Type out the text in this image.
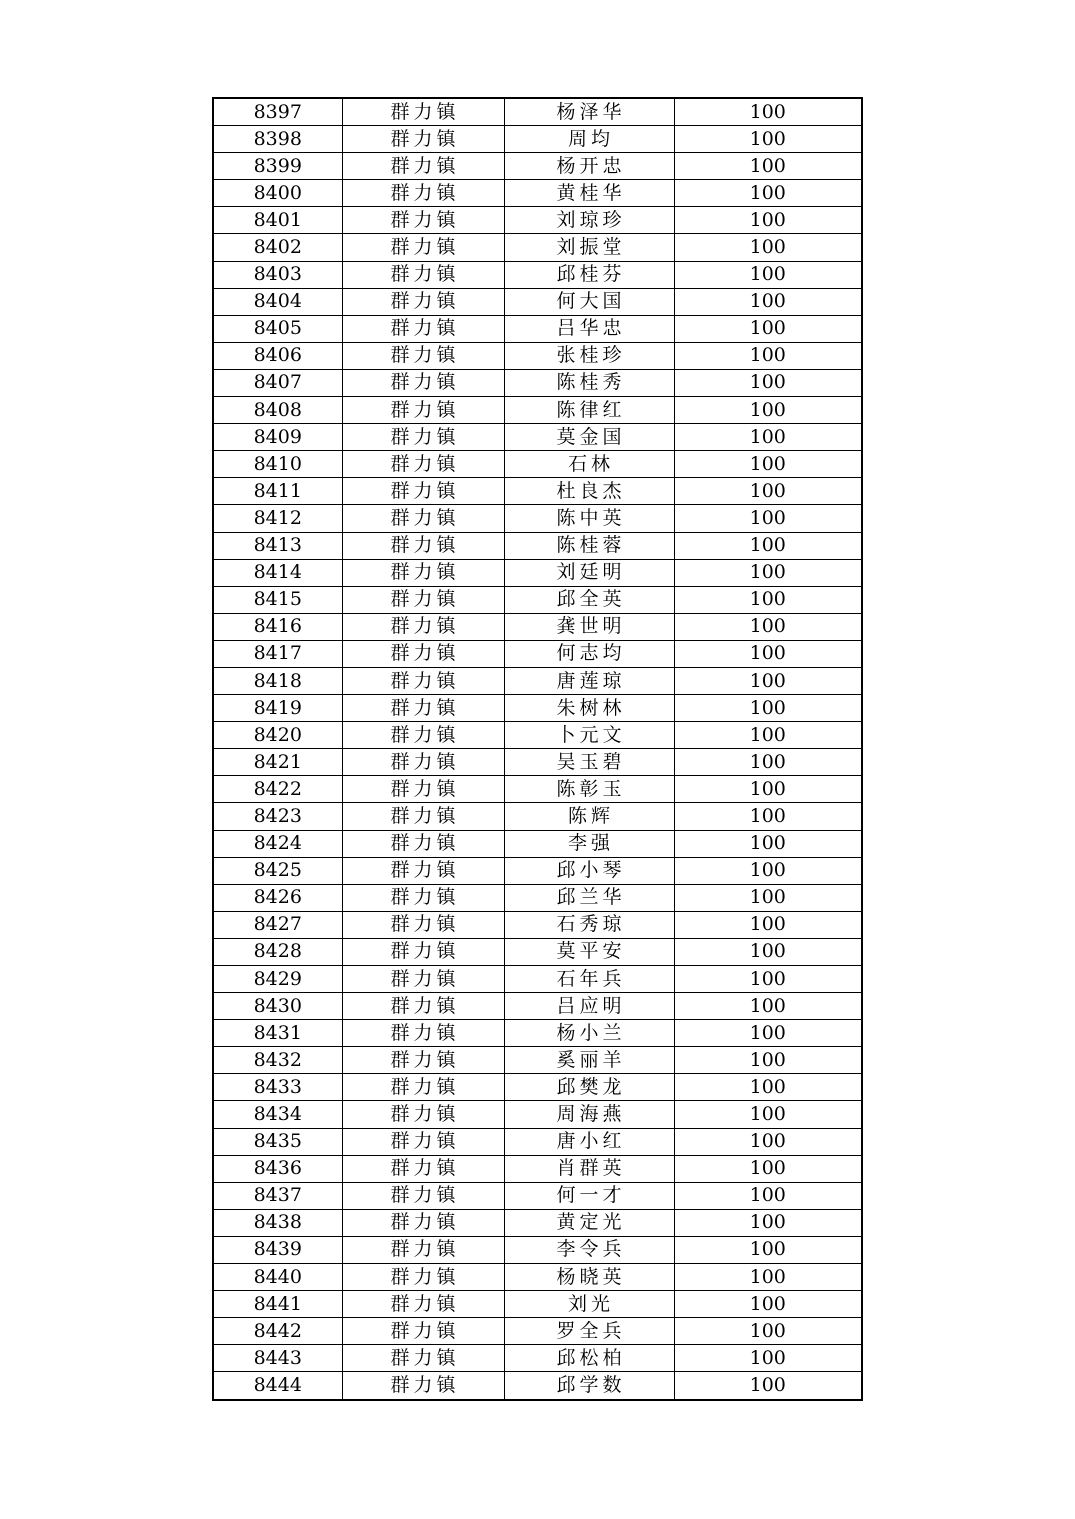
8397	群力镇	杨泽华	100
8398	群力镇	周均	100
8399	群力镇	杨开忠	100
8400	群力镇	黄桂华	100
8401	群力镇	刘琼珍	100
8402	群力镇	刘振堂	100
8403	群力镇	邱桂芬	100
8404	群力镇	何大国	100
8405	群力镇	吕华忠	100
8406	群力镇	张桂珍	100
8407	群力镇	陈桂秀	100
8408	群力镇	陈律红	100
8409	群力镇	莫金国	100
8410	群力镇	石林	100
8411	群力镇	杜良杰	100
8412	群力镇	陈中英	100
8413	群力镇	陈桂蓉	100
8414	群力镇	刘廷明	100
8415	群力镇	邱全英	100
8416	群力镇	龚世明	100
8417	群力镇	何志均	100
8418	群力镇	唐莲琼	100
8419	群力镇	朱树林	100
8420	群力镇	卜元文	100
8421	群力镇	吴玉碧	100
8422	群力镇	陈彰玉	100
8423	群力镇	陈辉	100
8424	群力镇	李强	100
8425	群力镇	邱小琴	100
8426	群力镇	邱兰华	100
8427	群力镇	石秀琼	100
8428	群力镇	莫平安	100
8429	群力镇	石年兵	100
8430	群力镇	吕应明	100
8431	群力镇	杨小兰	100
8432	群力镇	奚丽羊	100
8433	群力镇	邱樊龙	100
8434	群力镇	周海燕	100
8435	群力镇	唐小红	100
8436	群力镇	肖群英	100
8437	群力镇	何一才	100
8438	群力镇	黄定光	100
8439	群力镇	李令兵	100
8440	群力镇	杨晓英	100
8441	群力镇	刘光	100
8442	群力镇	罗全兵	100
8443	群力镇	邱松柏	100
8444	群力镇	邱学数	100
